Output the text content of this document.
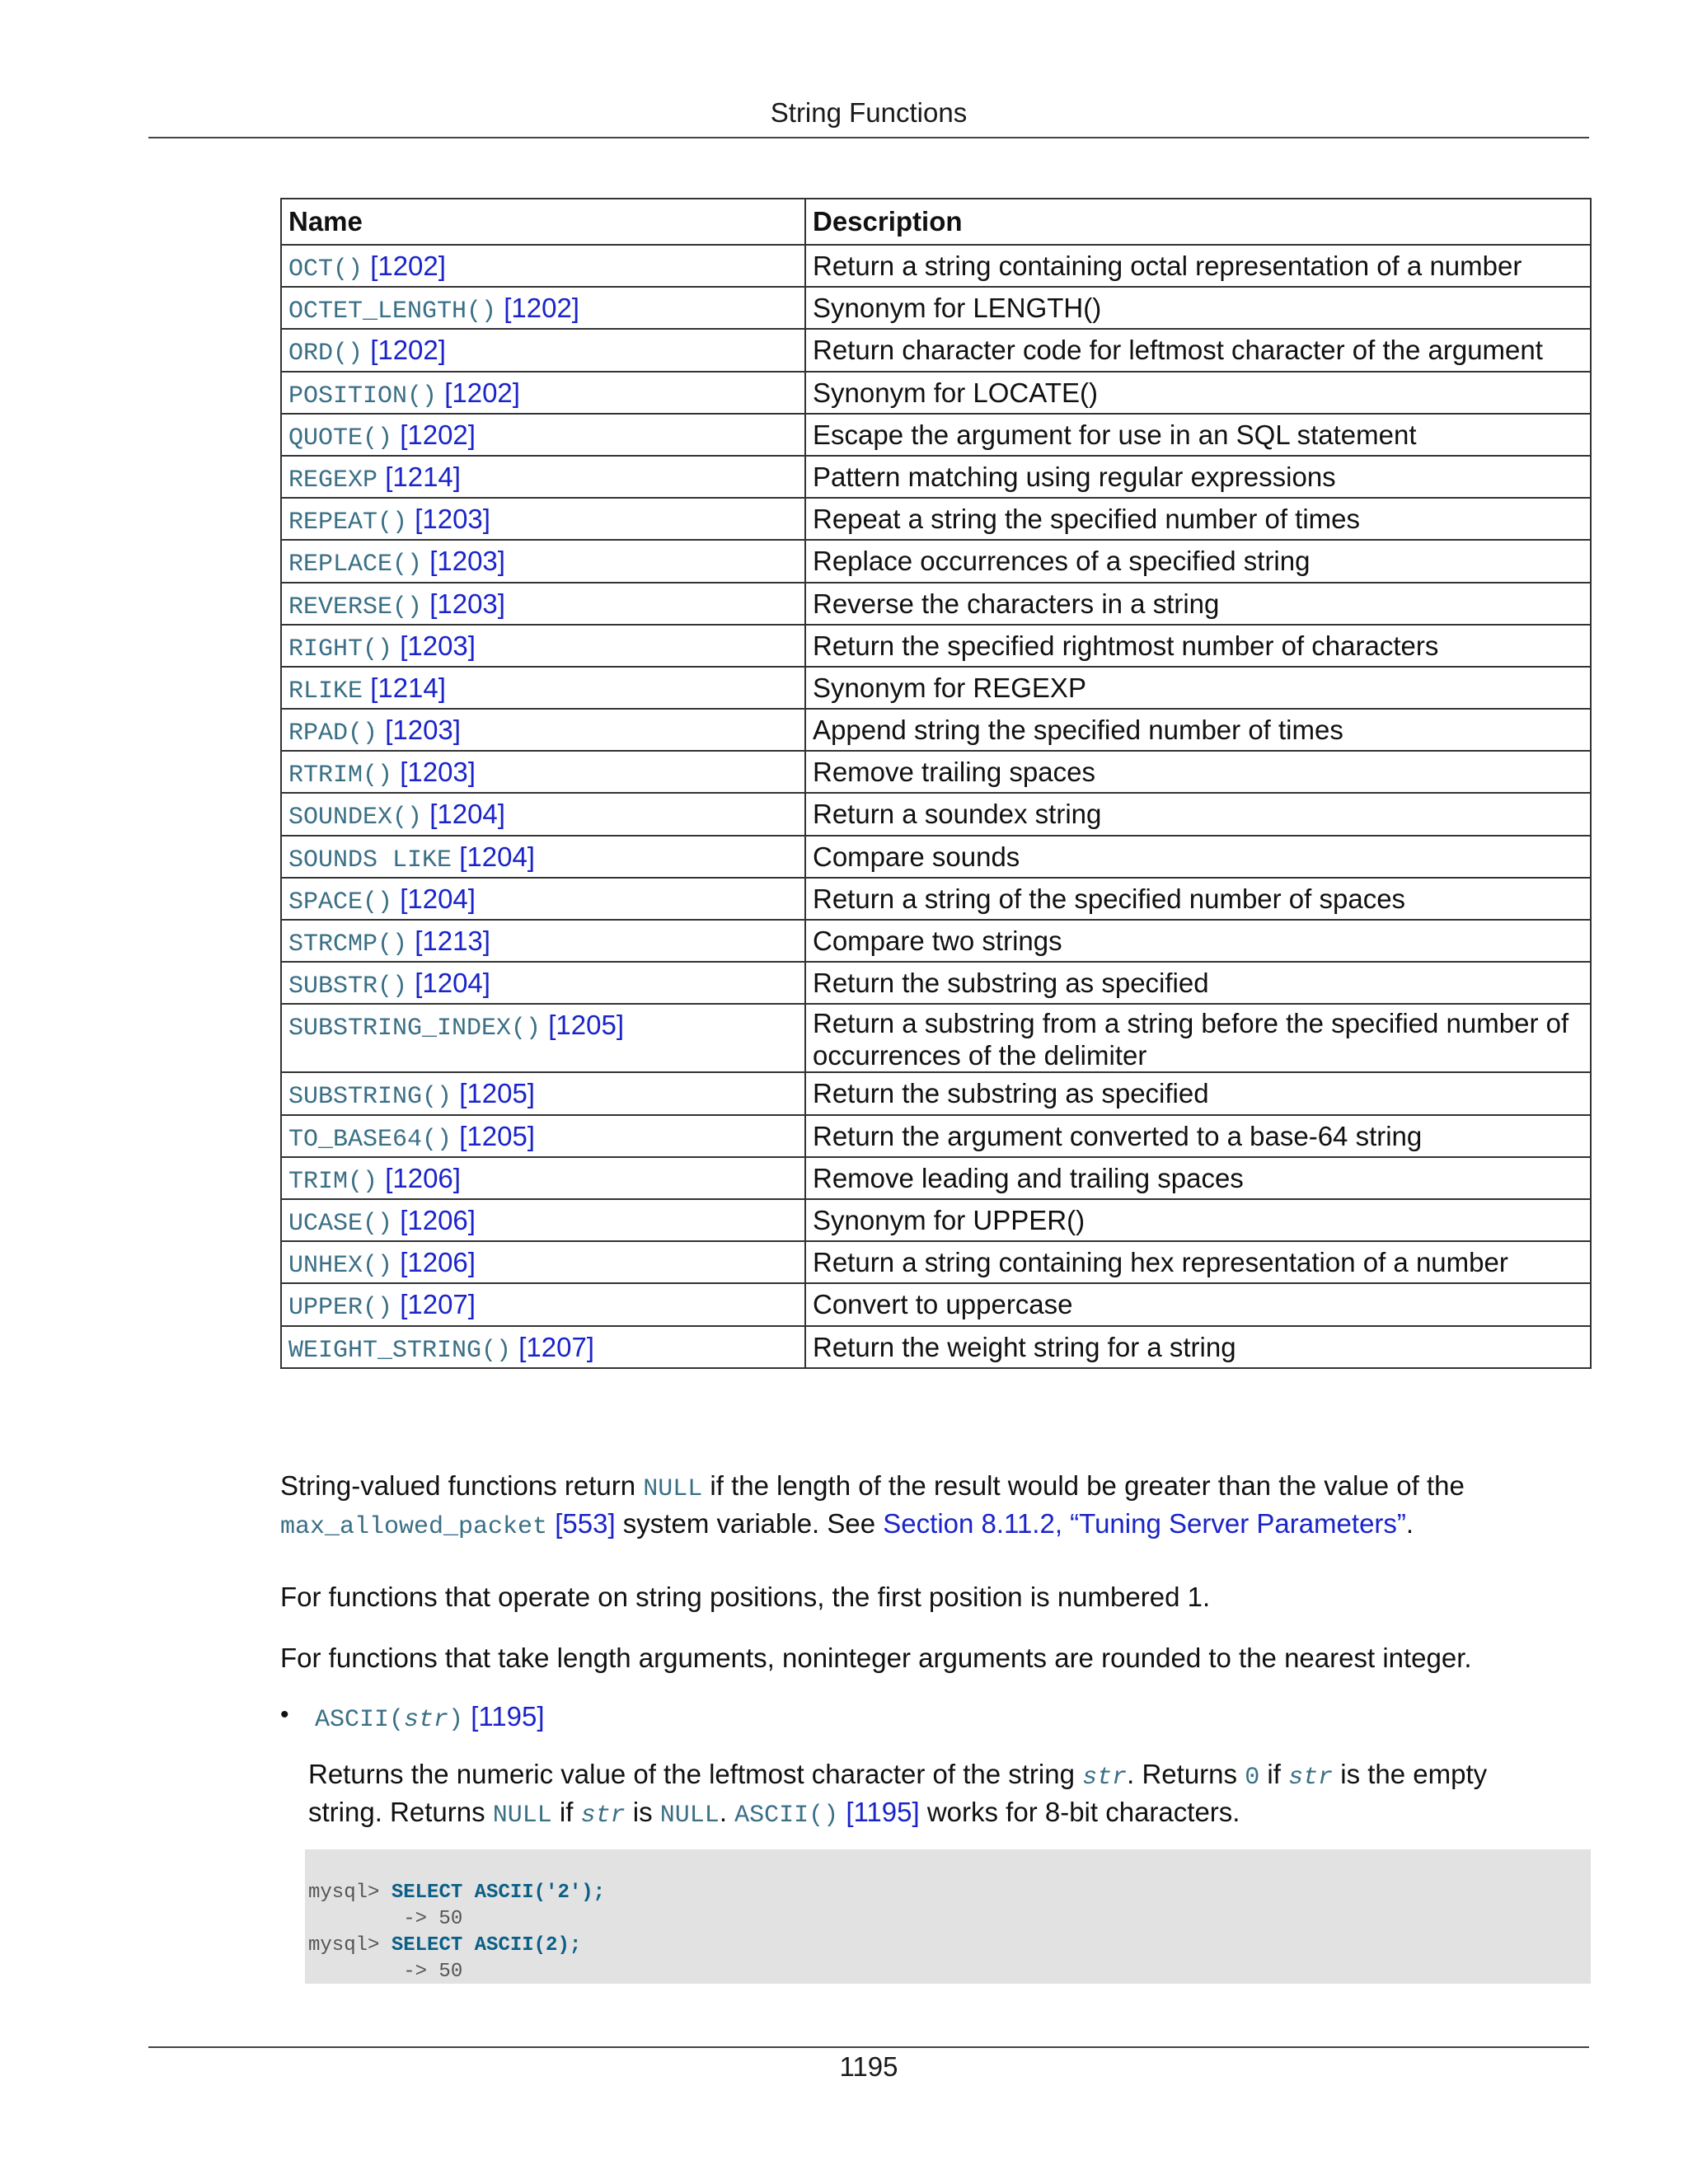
String Functions
Name	Description
OCT() [1202]	Return a string containing octal representation of a number
OCTET_LENGTH() [1202]	Synonym for LENGTH()
ORD() [1202]	Return character code for leftmost character of the argument
POSITION() [1202]	Synonym for LOCATE()
QUOTE() [1202]	Escape the argument for use in an SQL statement
REGEXP [1214]	Pattern matching using regular expressions
REPEAT() [1203]	Repeat a string the specified number of times
REPLACE() [1203]	Replace occurrences of a specified string
REVERSE() [1203]	Reverse the characters in a string
RIGHT() [1203]	Return the specified rightmost number of characters
RLIKE [1214]	Synonym for REGEXP
RPAD() [1203]	Append string the specified number of times
RTRIM() [1203]	Remove trailing spaces
SOUNDEX() [1204]	Return a soundex string
SOUNDS LIKE [1204]	Compare sounds
SPACE() [1204]	Return a string of the specified number of spaces
STRCMP() [1213]	Compare two strings
SUBSTR() [1204]	Return the substring as specified
SUBSTRING_INDEX() [1205]	Return a substring from a string before the specified number of occurrences of the delimiter
SUBSTRING() [1205]	Return the substring as specified
TO_BASE64() [1205]	Return the argument converted to a base-64 string
TRIM() [1206]	Remove leading and trailing spaces
UCASE() [1206]	Synonym for UPPER()
UNHEX() [1206]	Return a string containing hex representation of a number
UPPER() [1207]	Convert to uppercase
WEIGHT_STRING() [1207]	Return the weight string for a string
String-valued functions return NULL if the length of the result would be greater than the value of the
max_allowed_packet [553] system variable. See Section 8.11.2, “Tuning Server Parameters”.
For functions that operate on string positions, the first position is numbered 1.
For functions that take length arguments, noninteger arguments are rounded to the nearest integer.
• ASCII(str) [1195]
Returns the numeric value of the leftmost character of the string str. Returns 0 if str is the empty
string. Returns NULL if str is NULL. ASCII() [1195] works for 8-bit characters.
mysql> SELECT ASCII('2');
-> 50
mysql> SELECT ASCII(2);
-> 50
1195
